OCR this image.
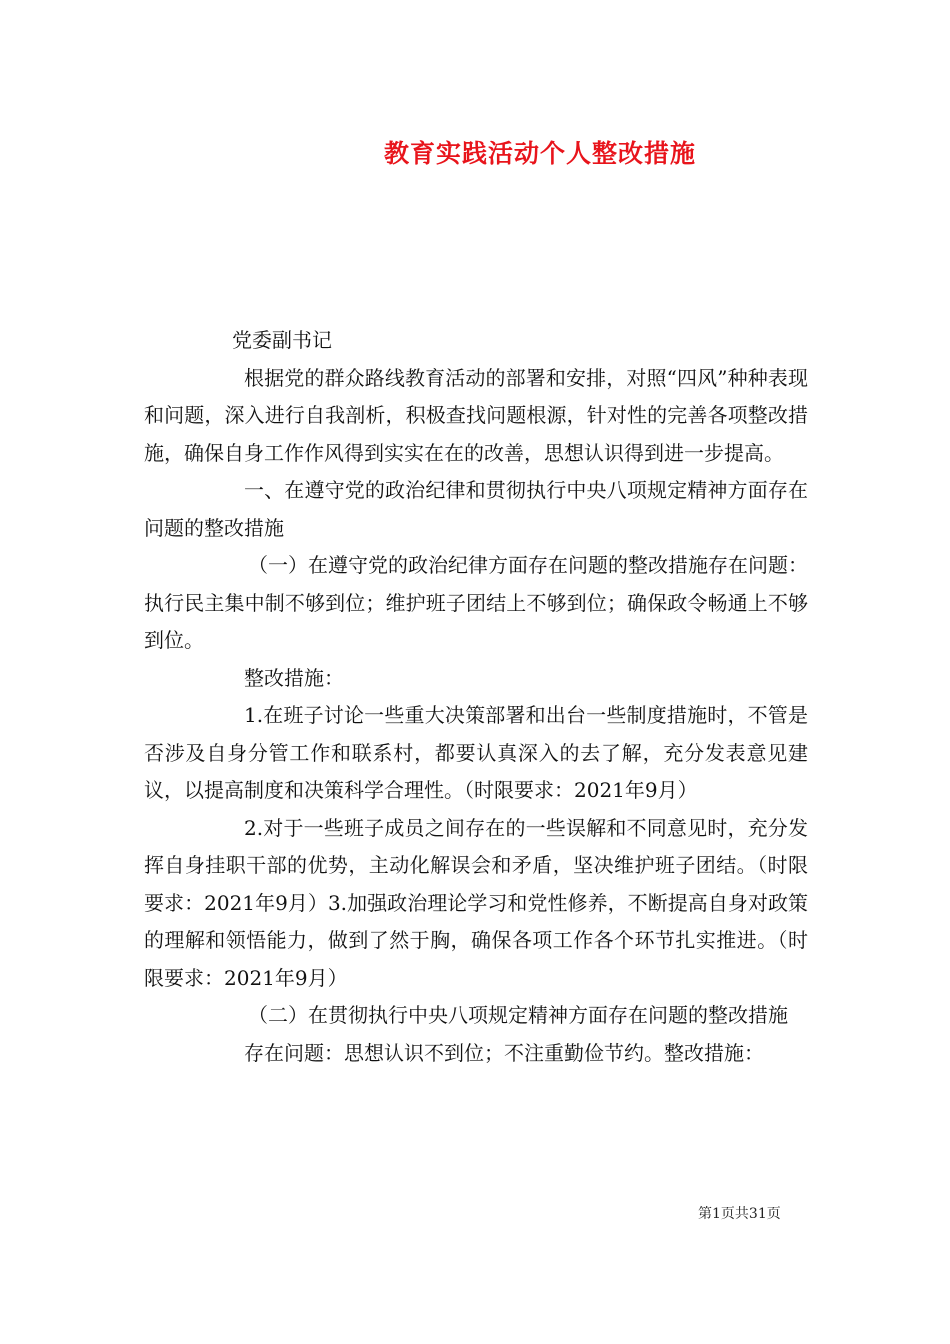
教育实践活动个人整改措施

党委副书记

根据党的群众路线教育活动的部署和安排，对照“四风”种种表现和问题，深入进行自我剖析，积极查找问题根源，针对性的完善各项整改措施，确保自身工作作风得到实实在在的改善，思想认识得到进一步提高。

一、在遵守党的政治纪律和贯彻执行中央八项规定精神方面存在问题的整改措施

（一）在遵守党的政治纪律方面存在问题的整改措施存在问题：执行民主集中制不够到位；维护班子团结上不够到位；确保政令畅通上不够到位。

整改措施：

1.在班子讨论一些重大决策部署和出台一些制度措施时，不管是否涉及自身分管工作和联系村，都要认真深入的去了解，充分发表意见建议，以提高制度和决策科学合理性。（时限要求：2021年9月）

2.对于一些班子成员之间存在的一些误解和不同意见时，充分发挥自身挂职干部的优势，主动化解误会和矛盾，坚决维护班子团结。（时限要求：2021年9月）3.加强政治理论学习和党性修养，不断提高自身对政策的理解和领悟能力，做到了然于胸，确保各项工作各个环节扎实推进。（时限要求：2021年9月）

（二）在贯彻执行中央八项规定精神方面存在问题的整改措施

存在问题：思想认识不到位；不注重勤俭节约。整改措施：

第1页共31页
